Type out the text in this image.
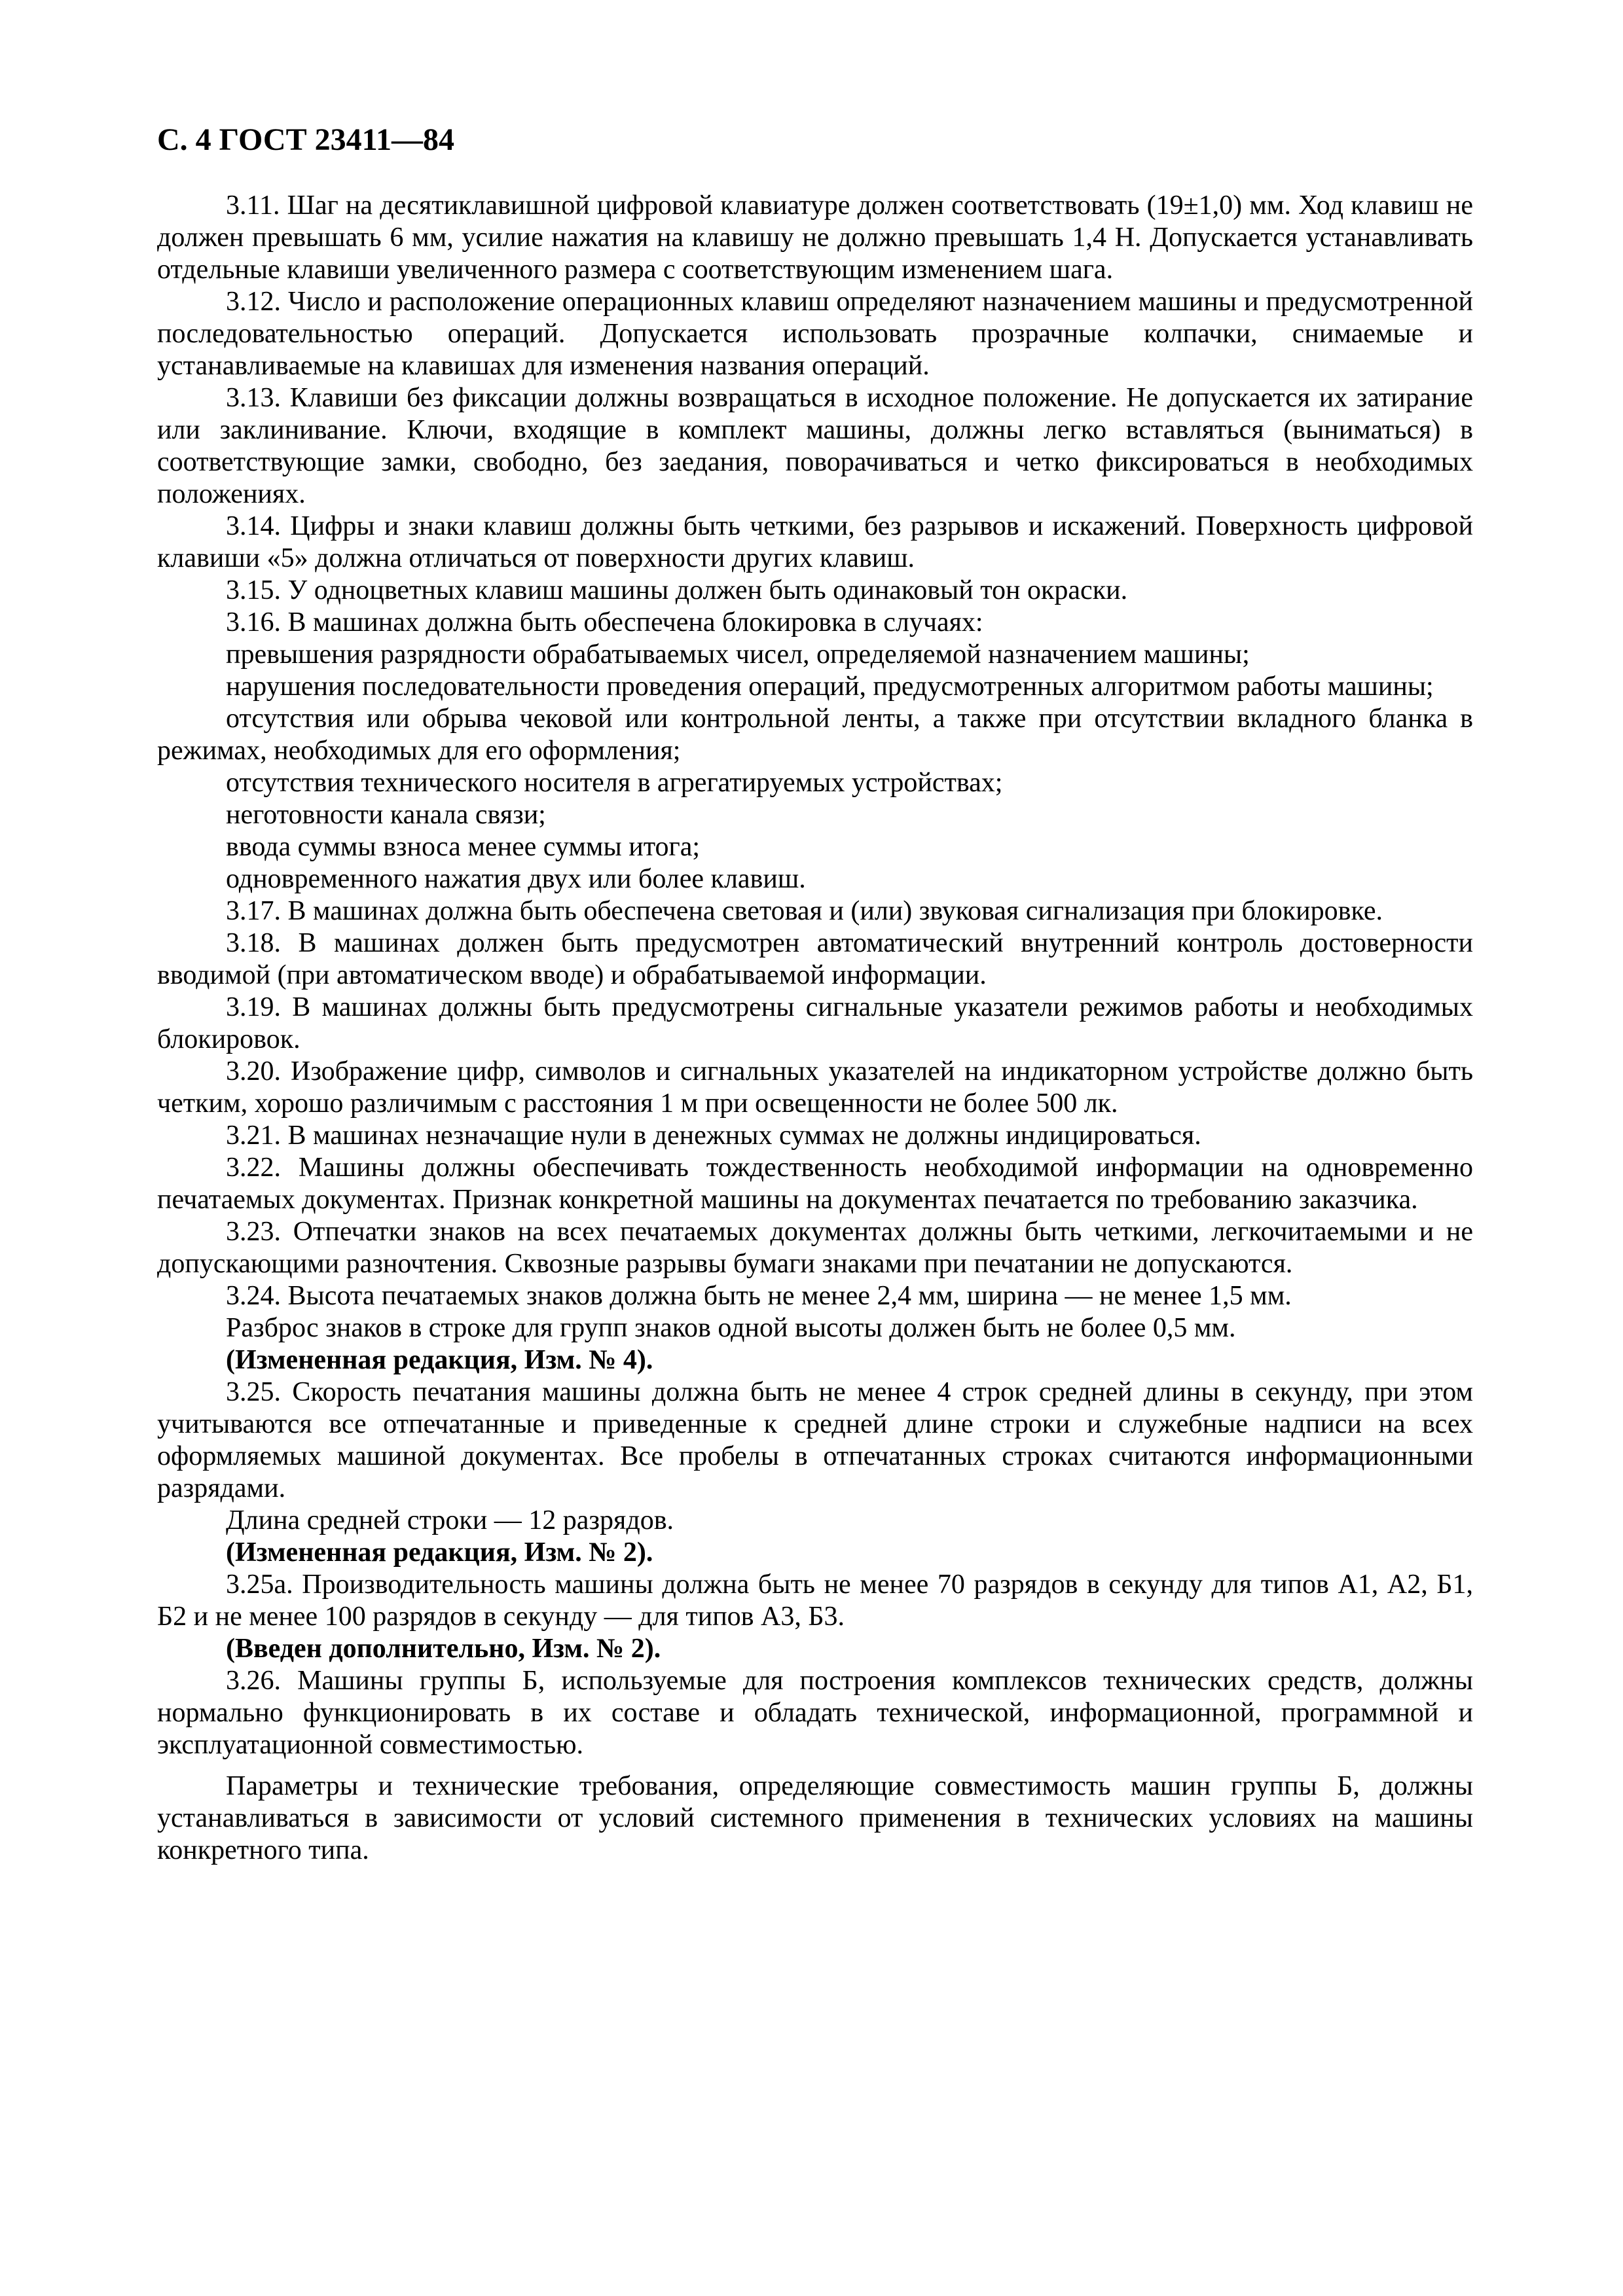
С. 4 ГОСТ 23411—84

3.11. Шаг на десятиклавишной цифровой клавиатуре должен соответствовать (19±1,0) мм. Ход клавиш не должен превышать 6 мм, усилие нажатия на клавишу не должно превышать 1,4 Н. Допускается устанавливать отдельные клавиши увеличенного размера с соответствующим изменением шага.

3.12. Число и расположение операционных клавиш определяют назначением машины и предусмотренной последовательностью операций. Допускается использовать прозрачные колпачки, снимаемые и устанавливаемые на клавишах для изменения названия операций.

3.13. Клавиши без фиксации должны возвращаться в исходное положение. Не допускается их затирание или заклинивание. Ключи, входящие в комплект машины, должны легко вставляться (выниматься) в соответствующие замки, свободно, без заедания, поворачиваться и четко фиксироваться в необходимых положениях.

3.14. Цифры и знаки клавиш должны быть четкими, без разрывов и искажений. Поверхность цифровой клавиши «5» должна отличаться от поверхности других клавиш.

3.15. У одноцветных клавиш машины должен быть одинаковый тон окраски.

3.16. В машинах должна быть обеспечена блокировка в случаях:

превышения разрядности обрабатываемых чисел, определяемой назначением машины;

нарушения последовательности проведения операций, предусмотренных алгоритмом работы машины;

отсутствия или обрыва чековой или контрольной ленты, а также при отсутствии вкладного бланка в режимах, необходимых для его оформления;

отсутствия технического носителя в агрегатируемых устройствах;

неготовности канала связи;

ввода суммы взноса менее суммы итога;

одновременного нажатия двух или более клавиш.

3.17. В машинах должна быть обеспечена световая и (или) звуковая сигнализация при блокировке.

3.18. В машинах должен быть предусмотрен автоматический внутренний контроль достоверности вводимой (при автоматическом вводе) и обрабатываемой информации.

3.19. В машинах должны быть предусмотрены сигнальные указатели режимов работы и необходимых блокировок.

3.20. Изображение цифр, символов и сигнальных указателей на индикаторном устройстве должно быть четким, хорошо различимым с расстояния 1 м при освещенности не более 500 лк.

3.21. В машинах незначащие нули в денежных суммах не должны индицироваться.

3.22. Машины должны обеспечивать тождественность необходимой информации на одновременно печатаемых документах. Признак конкретной машины на документах печатается по требованию заказчика.

3.23. Отпечатки знаков на всех печатаемых документах должны быть четкими, легкочитаемыми и не допускающими разночтения. Сквозные разрывы бумаги знаками при печатании не допускаются.

3.24. Высота печатаемых знаков должна быть не менее 2,4 мм, ширина — не менее 1,5 мм.

Разброс знаков в строке для групп знаков одной высоты должен быть не более 0,5 мм.

(Измененная редакция, Изм. № 4).

3.25. Скорость печатания машины должна быть не менее 4 строк средней длины в секунду, при этом учитываются все отпечатанные и приведенные к средней длине строки и служебные надписи на всех оформляемых машиной документах. Все пробелы в отпечатанных строках считаются информационными разрядами.

Длина средней строки — 12 разрядов.

(Измененная редакция, Изм. № 2).

3.25а. Производительность машины должна быть не менее 70 разрядов в секунду для типов А1, А2, Б1, Б2 и не менее 100 разрядов в секунду — для типов А3, Б3.

(Введен дополнительно, Изм. № 2).

3.26. Машины группы Б, используемые для построения комплексов технических средств, должны нормально функционировать в их составе и обладать технической, информационной, программной и эксплуатационной совместимостью.

Параметры и технические требования, определяющие совместимость машин группы Б, должны устанавливаться в зависимости от условий системного применения в технических условиях на машины конкретного типа.
